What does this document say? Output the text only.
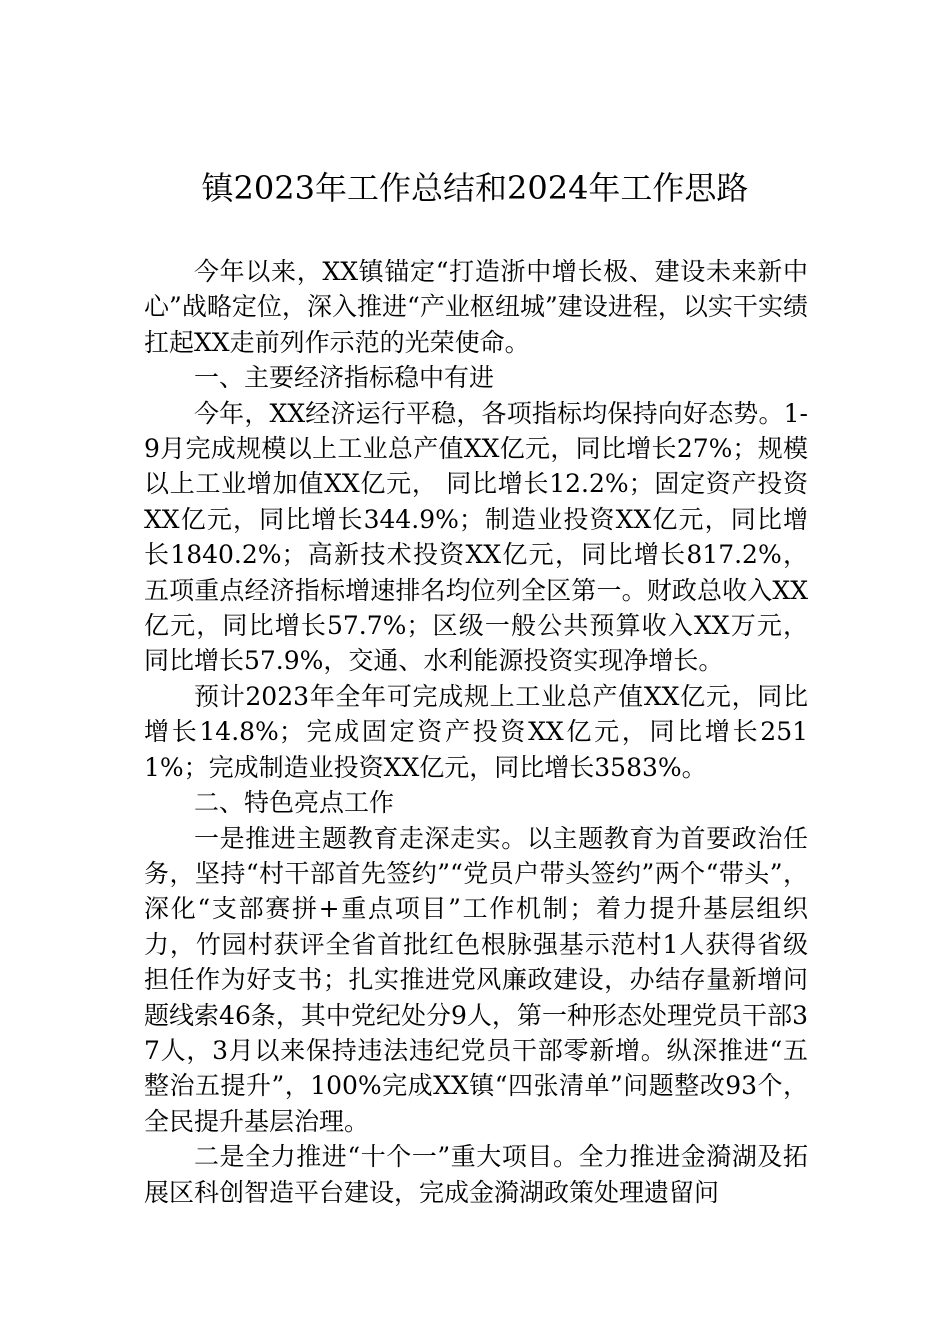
镇2023年工作总结和2024年工作思路

今年以来，XX镇锚定“打造浙中增长极、建设未来新中心”战略定位，深入推进“产业枢纽城”建设进程，以实干实绩扛起XX走前列作示范的光荣使命。

一、主要经济指标稳中有进

今年，XX经济运行平稳，各项指标均保持向好态势。1-9月完成规模以上工业总产值XX亿元，同比增长27%；规模以上工业增加值XX亿元， 同比增长12.2%；固定资产投资XX亿元，同比增长344.9%；制造业投资XX亿元，同比增长1840.2%；高新技术投资XX亿元，同比增长817.2%，五项重点经济指标增速排名均位列全区第一。财政总收入XX亿元，同比增长57.7%；区级一般公共预算收入XX万元，同比增长57.9%，交通、水利能源投资实现净增长。

预计2023年全年可完成规上工业总产值XX亿元，同比增长14.8%；完成固定资产投资XX亿元，同比增长2511%；完成制造业投资XX亿元，同比增长3583%。

二、特色亮点工作

一是推进主题教育走深走实。以主题教育为首要政治任务，坚持“村干部首先签约”“党员户带头签约”两个“带头”，深化“支部赛拼+重点项目”工作机制；着力提升基层组织力，竹园村获评全省首批红色根脉强基示范村1人获得省级担任作为好支书；扎实推进党风廉政建设，办结存量新增问题线索46条，其中党纪处分9人，第一种形态处理党员干部37人，3月以来保持违法违纪党员干部零新增。纵深推进“五整治五提升”，100%完成XX镇“四张清单”问题整改93个，全民提升基层治理。

二是全力推进“十个一”重大项目。全力推进金漪湖及拓展区科创智造平台建设，完成金漪湖政策处理遗留问
